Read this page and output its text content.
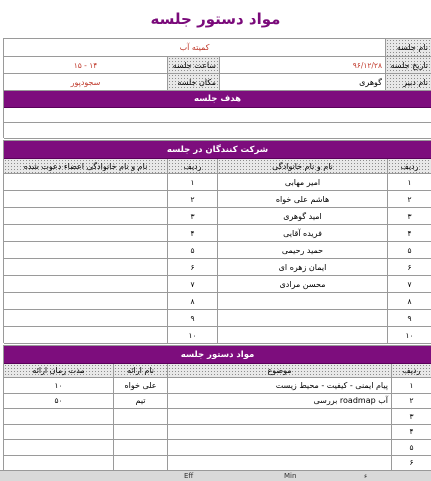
مواد دستور جلسه
نام جلسه
کمیته آب
تاریخ جلسه
۹۶/۱۲/۲۸
ساعت جلسه
۱۵ - ۱۴
نام دبیر
گوهری
مکان جلسه
سجودپور
هدف جلسه
شرکت کنندگان در جلسه
ردیف
نام و نام خانوادگی
ردیف
نام و نام خانوادگی اعضاء دعوت شده
۱
امیر مهابی
۱
۲
هاشم علی خواه
۲
۳
امید گوهری
۳
۴
فریده آقایی
۴
۵
حمید رحیمی
۵
۶
ایمان زهره ای
۶
۷
محسن مرادی
۷
۸
۸
۹
۹
۱۰
۱۰
مواد دستور جلسه
ردیف
موضوع
نام ارائه
مدت زمان ارائه
۱
پیام ایمنی - کیفیت - محیط زیست
علی خواه
۱۰
۲
بررسی roadmap آب
تیم
۵۰
۳
۴
۵
۶
Eff	Min	ء
